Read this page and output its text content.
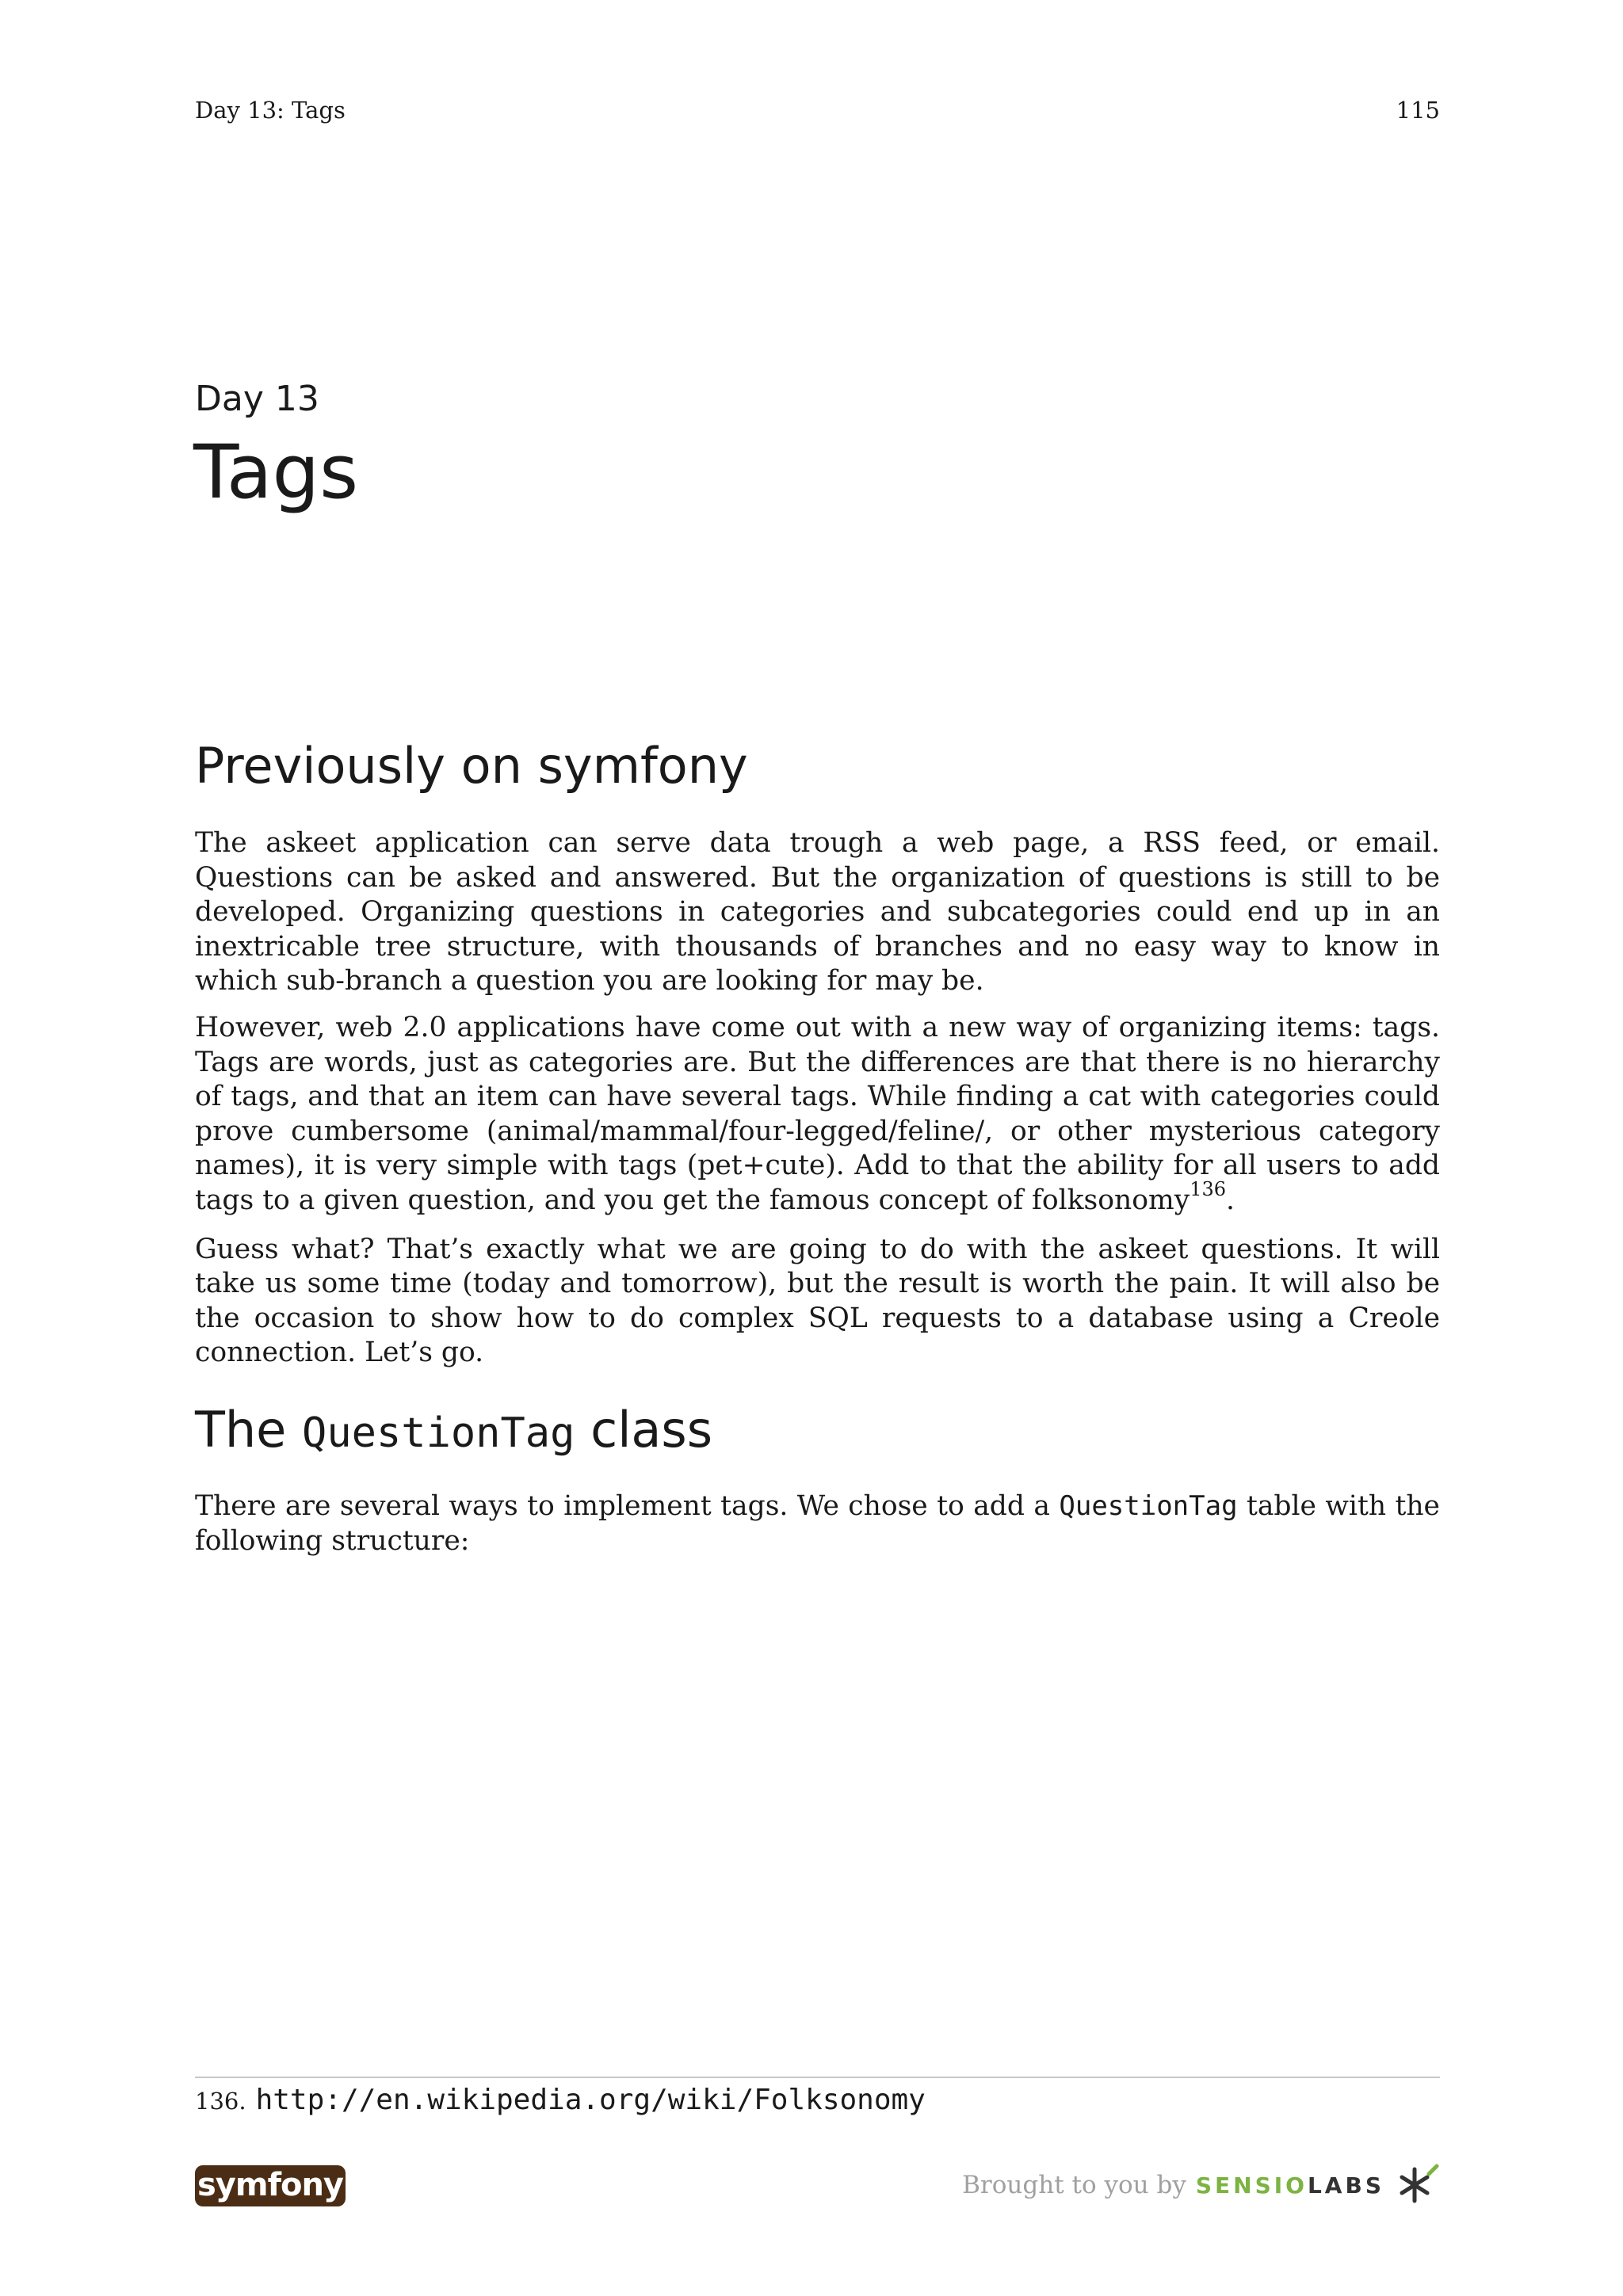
Day 13: Tags	115
Day 13
Tags
Previously on symfony

The askeet application can serve data trough a web page, a RSS feed, or email. Questions can be asked and answered. But the organization of questions is still to be developed. Organizing questions in categories and subcategories could end up in an inextricable tree structure, with thousands of branches and no easy way to know in which sub-branch a question you are looking for may be.

However, web 2.0 applications have come out with a new way of organizing items: tags. Tags are words, just as categories are. But the differences are that there is no hierarchy of tags, and that an item can have several tags. While finding a cat with categories could prove cumbersome (animal/mammal/four-legged/feline/, or other mysterious category names), it is very simple with tags (pet+cute). Add to that the ability for all users to add tags to a given question, and you get the famous concept of folksonomy$^{136}$.

Guess what? That’s exactly what we are going to do with the askeet questions. It will take us some time (today and tomorrow), but the result is worth the pain. It will also be the occasion to show how to do complex SQL requests to a database using a Creole connection. Let’s go.

The QuestionTag class

There are several ways to implement tags. We chose to add a QuestionTag table with the following structure:

136. http://en.wikipedia.org/wiki/Folksonomy
symfony	Brought to you by SENSIOLABS
